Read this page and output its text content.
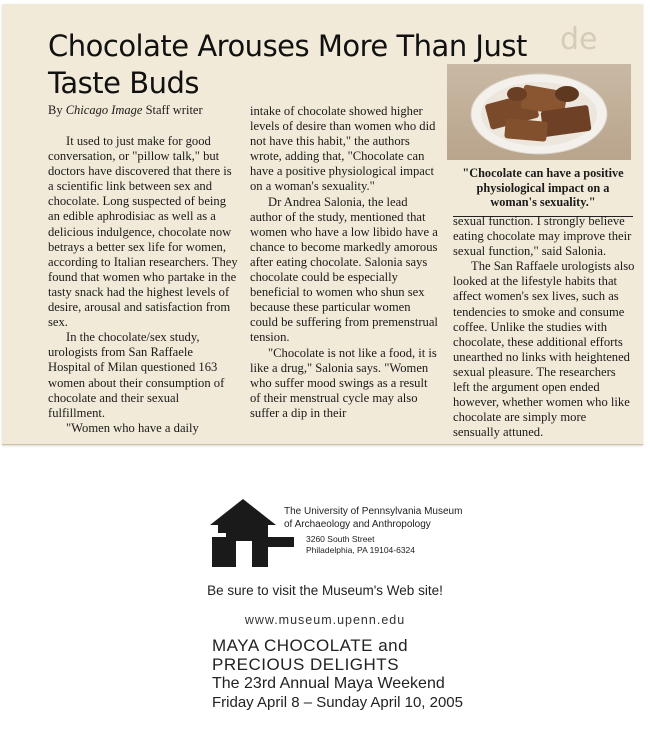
de
Chocolate Arouses More Than Just
Taste Buds
By Chicago Image Staff writer

It used to just make for good conversation, or "pillow talk," but doctors have discovered that there is a scientific link between sex and chocolate. Long suspected of being an edible aphrodisiac as well as a delicious indulgence, chocolate now betrays a better sex life for women, according to Italian researchers. They found that women who partake in the tasty snack had the highest levels of desire, arousal and satisfaction from sex.

In the chocolate/sex study, urologists from San Raffaele Hospital of Milan questioned 163 women about their consumption of chocolate and their sexual fulfillment.

"Women who have a daily

intake of chocolate showed higher levels of desire than women who did not have this habit," the authors wrote, adding that, "Chocolate can have a positive physiological impact on a woman's sexuality."

Dr Andrea Salonia, the lead author of the study, mentioned that women who have a low libido have a chance to become markedly amorous after eating chocolate. Salonia says chocolate could be especially beneficial to women who shun sex because these particular women could be suffering from premenstrual tension.

"Chocolate is not like a food, it is like a drug," Salonia says. "Women who suffer mood swings as a result of their menstrual cycle may also suffer a dip in their

"Chocolate can have a positive physiological impact on a woman's sexuality."

sexual function. I strongly believe eating chocolate may improve their sexual function," said Salonia.

The San Raffaele urologists also looked at the lifestyle habits that affect women's sex lives, such as tendencies to smoke and consume coffee. Unlike the studies with chocolate, these additional efforts unearthed no links with heightened sexual pleasure. The researchers left the argument open ended however, whether women who like chocolate are simply more sensually attuned.

The University of Pennsylvania Museum
of Archaeology and Anthropology
3260 South Street
Philadelphia, PA 19104-6324
Be sure to visit the Museum's Web site!
www.museum.upenn.edu
MAYA CHOCOLATE and
PRECIOUS DELIGHTS
The 23rd Annual Maya Weekend
Friday April 8 – Sunday April 10, 2005
